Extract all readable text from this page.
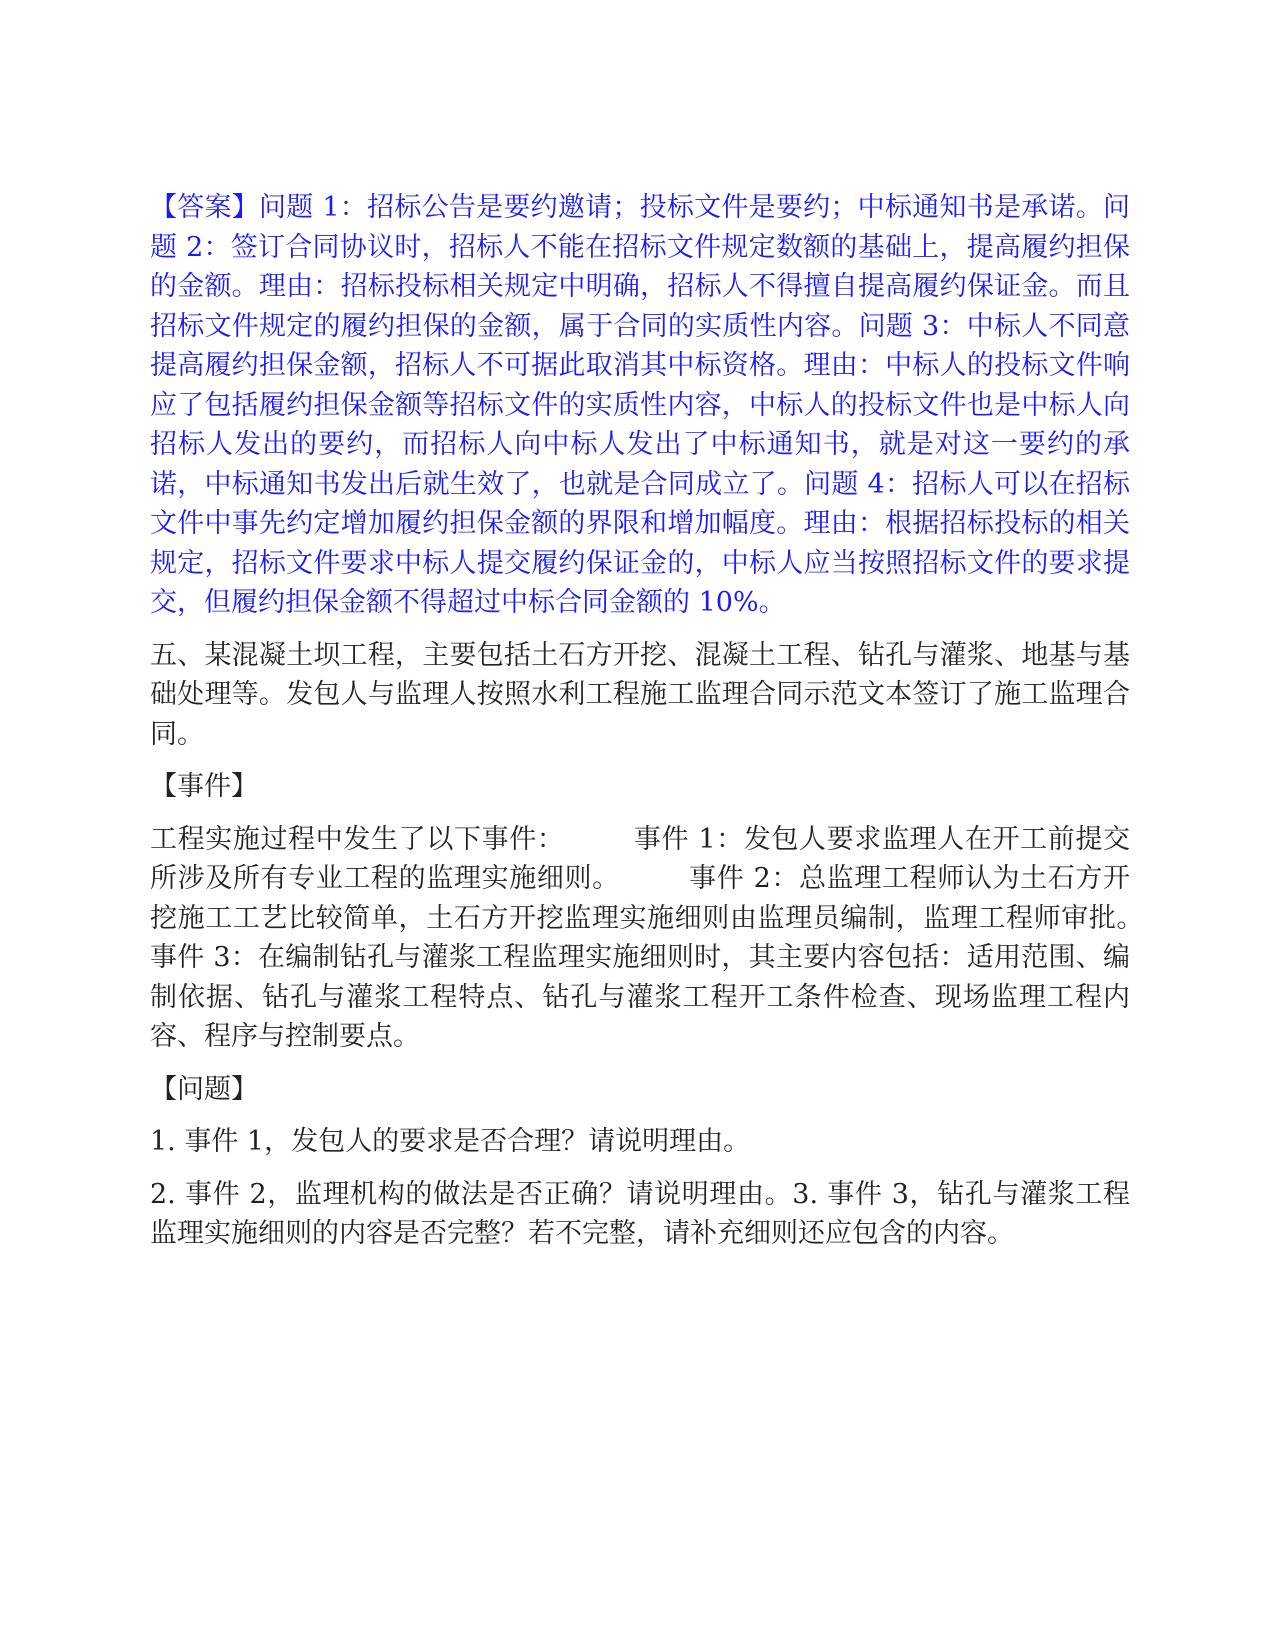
【答案】问题 1：招标公告是要约邀请；投标文件是要约；中标通知书是承诺。问题 2：签订合同协议时，招标人不能在招标文件规定数额的基础上，提高履约担保的金额。理由：招标投标相关规定中明确，招标人不得擅自提高履约保证金。而且招标文件规定的履约担保的金额，属于合同的实质性内容。问题 3：中标人不同意提高履约担保金额，招标人不可据此取消其中标资格。理由：中标人的投标文件响应了包括履约担保金额等招标文件的实质性内容，中标人的投标文件也是中标人向招标人发出的要约，而招标人向中标人发出了中标通知书，就是对这一要约的承诺，中标通知书发出后就生效了，也就是合同成立了。问题 4：招标人可以在招标文件中事先约定增加履约担保金额的界限和增加幅度。理由：根据招标投标的相关规定，招标文件要求中标人提交履约保证金的，中标人应当按照招标文件的要求提交，但履约担保金额不得超过中标合同金额的 10%。

五、某混凝土坝工程，主要包括土石方开挖、混凝土工程、钻孔与灌浆、地基与基础处理等。发包人与监理人按照水利工程施工监理合同示范文本签订了施工监理合同。

【事件】

工程实施过程中发生了以下事件：　　　事件 1：发包人要求监理人在开工前提交所涉及所有专业工程的监理实施细则。　　　事件 2：总监理工程师认为土石方开挖施工工艺比较简单，土石方开挖监理实施细则由监理员编制，监理工程师审批。　　　事件 3：在编制钻孔与灌浆工程监理实施细则时，其主要内容包括：适用范围、编制依据、钻孔与灌浆工程特点、钻孔与灌浆工程开工条件检查、现场监理工程内容、程序与控制要点。

【问题】

1. 事件 1，发包人的要求是否合理？请说明理由。

2. 事件 2，监理机构的做法是否正确？请说明理由。3. 事件 3，钻孔与灌浆工程监理实施细则的内容是否完整？若不完整，请补充细则还应包含的内容。
